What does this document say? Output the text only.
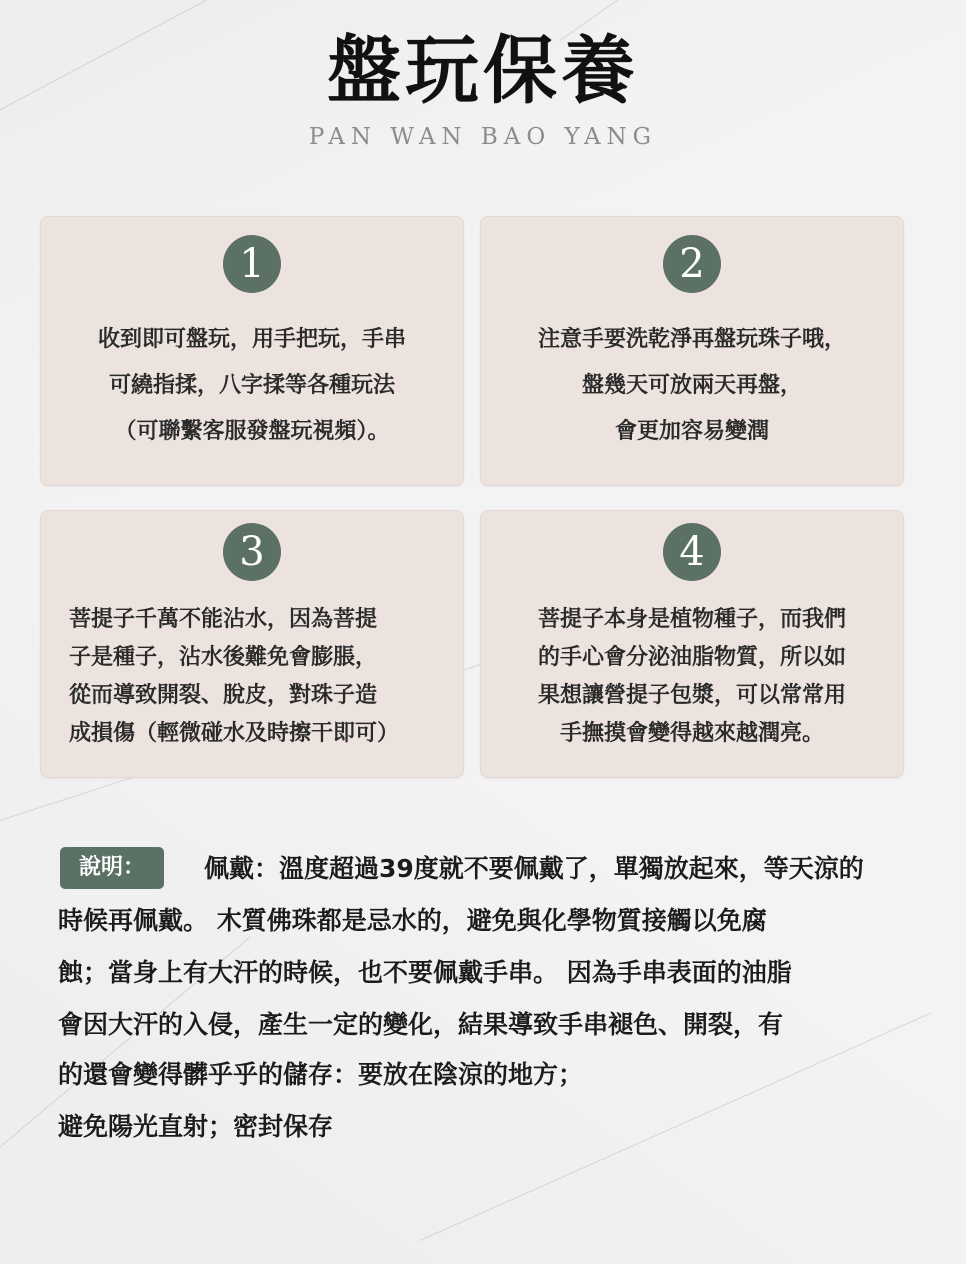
盤玩保養
PAN WAN BAO YANG
1
收到即可盤玩，用手把玩，手串
可繞指揉，八字揉等各種玩法
（可聯繫客服發盤玩視頻）。
2
注意手要洗乾淨再盤玩珠子哦，
盤幾天可放兩天再盤，
會更加容易變潤
3
菩提子千萬不能沾水，因為菩提
子是種子，沾水後難免會膨脹，
從而導致開裂、脫皮，對珠子造
成損傷（輕微碰水及時擦干即可）
4
菩提子本身是植物種子，而我們
的手心會分泌油脂物質，所以如
果想讓營提子包漿，可以常常用
手撫摸會變得越來越潤亮。
說明：	佩戴：溫度超過39度就不要佩戴了，單獨放起來，等天涼的
時候再佩戴。 木質佛珠都是忌水的，避免與化學物質接觸以免腐
蝕；當身上有大汗的時候，也不要佩戴手串。 因為手串表面的油脂
會因大汗的入侵，產生一定的變化，結果導致手串褪色、開裂，有
的還會變得髒乎乎的儲存：要放在陰涼的地方；
避免陽光直射；密封保存
